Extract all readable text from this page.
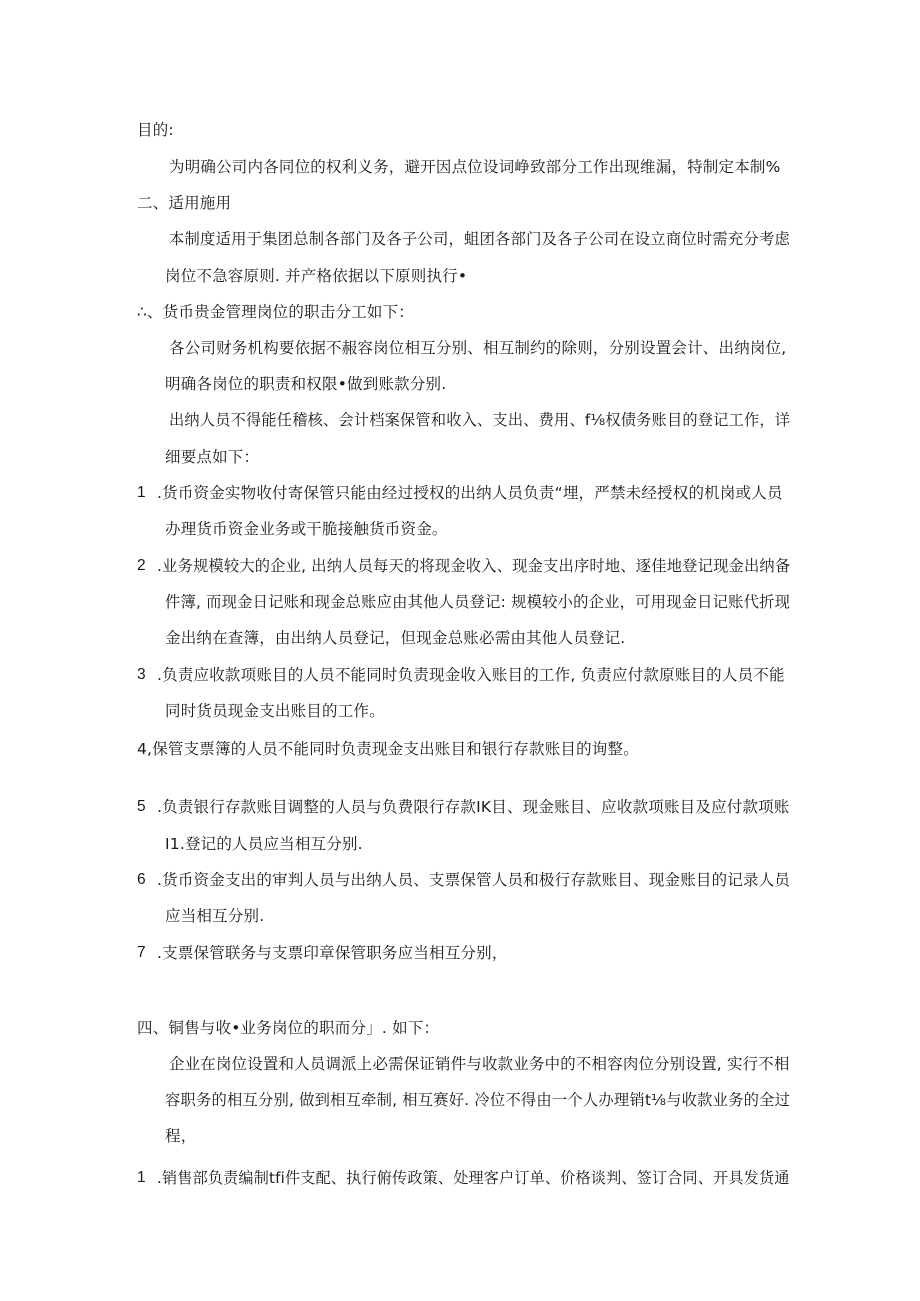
目的:
为明确公司内各同位的权利义务，避开因点位设词峥致部分工作出现维漏，特制定本制%
二、适用施用
本制度适用于集团总制各部门及各子公司，蛆团各部门及各子公司在设立商位时需充分考虑
岗位不急容原则. 并产格依据以下原则执行•
∴、货币贵金管理岗位的职击分工如下：
各公司财务机构要依据不赧容岗位相互分别、相互制约的除则，分别设置会计、出纳岗位,
明确各岗位的职责和权限•做到账款分别.
出纳人员不得能任稽核、会计档案保管和收入、支出、费用、f⅛权债务账目的登记工作，详
细要点如下：
1 .货币资金实物收付寄保管只能由经过授权的出纳人员负责“埋，严禁未经授权的机岗或人员
办理货币资金业务或干脆接触货币资金。
2 .业务规模较大的企业, 出纳人员每天的将现金收入、现金支出序时地、逐佳地登记现金出纳备
件簿, 而现金日记账和现金总账应由其他人员登记: 规模较小的企业，可用现金日记账代折现
金出纳在查簿，由出纳人员登记，但现金总账必需由其他人员登记.
3 .负责应收款项账目的人员不能同时负责现金收入账目的工作, 负责应付款原账目的人员不能
同时货员现金支出账目的工作。
4,保管支票簿的人员不能同时负责现金支出账目和银行存款账目的询整。
5 .负责银行存款账目调整的人员与负费限行存款IK目、现金账目、应收款项账目及应付款项账
I1.登记的人员应当相互分别.
6 .货币资金支出的审判人员与出纳人员、支票保管人员和极行存款账目、现金账目的记录人员
应当相互分别.
7 .支票保管联务与支票印章保管职务应当相互分别，
四、铜售与收•业务岗位的职而分」. 如下：
企业在岗位设置和人员调派上必需保证销件与收款业务中的不相容肉位分别设置, 实行不相
容职务的相互分别, 做到相互牵制, 相互赛好. 冷位不得由一个人办理销t⅛与收款业务的全过
程，
1 .销售部负责编制tfi件支配、执行俯传政策、处理客户订单、价格谈判、签订合同、开具发货通
